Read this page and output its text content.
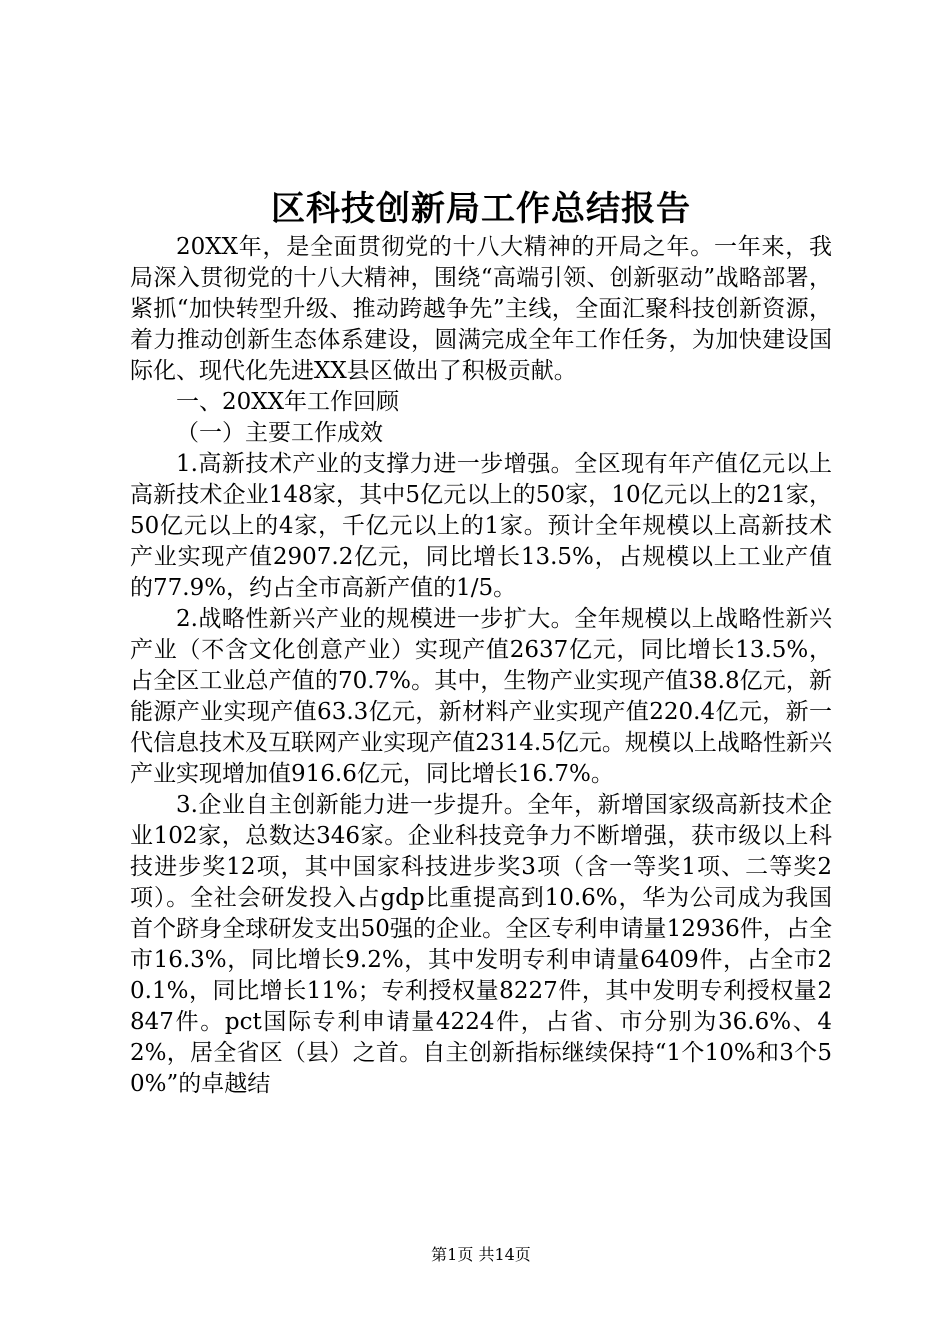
区科技创新局工作总结报告

20XX年，是全面贯彻党的十八大精神的开局之年。一年来，我局深入贯彻党的十八大精神，围绕“高端引领、创新驱动”战略部署，紧抓“加快转型升级、推动跨越争先”主线，全面汇聚科技创新资源，着力推动创新生态体系建设，圆满完成全年工作任务，为加快建设国际化、现代化先进XX县区做出了积极贡献。

一、20XX年工作回顾

（一）主要工作成效

1.高新技术产业的支撑力进一步增强。全区现有年产值亿元以上高新技术企业148家，其中5亿元以上的50家，10亿元以上的21家，50亿元以上的4家，千亿元以上的1家。预计全年规模以上高新技术产业实现产值2907.2亿元，同比增长13.5%，占规模以上工业产值的77.9%，约占全市高新产值的1/5。

2.战略性新兴产业的规模进一步扩大。全年规模以上战略性新兴产业（不含文化创意产业）实现产值2637亿元，同比增长13.5%，占全区工业总产值的70.7%。其中，生物产业实现产值38.8亿元，新能源产业实现产值63.3亿元，新材料产业实现产值220.4亿元，新一代信息技术及互联网产业实现产值2314.5亿元。规模以上战略性新兴产业实现增加值916.6亿元，同比增长16.7%。

3.企业自主创新能力进一步提升。全年，新增国家级高新技术企业102家，总数达346家。企业科技竞争力不断增强，获市级以上科技进步奖12项，其中国家科技进步奖3项（含一等奖1项、二等奖2项）。全社会研发投入占gdp比重提高到10.6%，华为公司成为我国首个跻身全球研发支出50强的企业。全区专利申请量12936件，占全市16.3%，同比增长9.2%，其中发明专利申请量6409件，占全市20.1%，同比增长11%；专利授权量8227件，其中发明专利授权量2847件。pct国际专利申请量4224件，占省、市分别为36.6%、42%，居全省区（县）之首。自主创新指标继续保持“1个10%和3个50%”的卓越结

第1页 共14页
